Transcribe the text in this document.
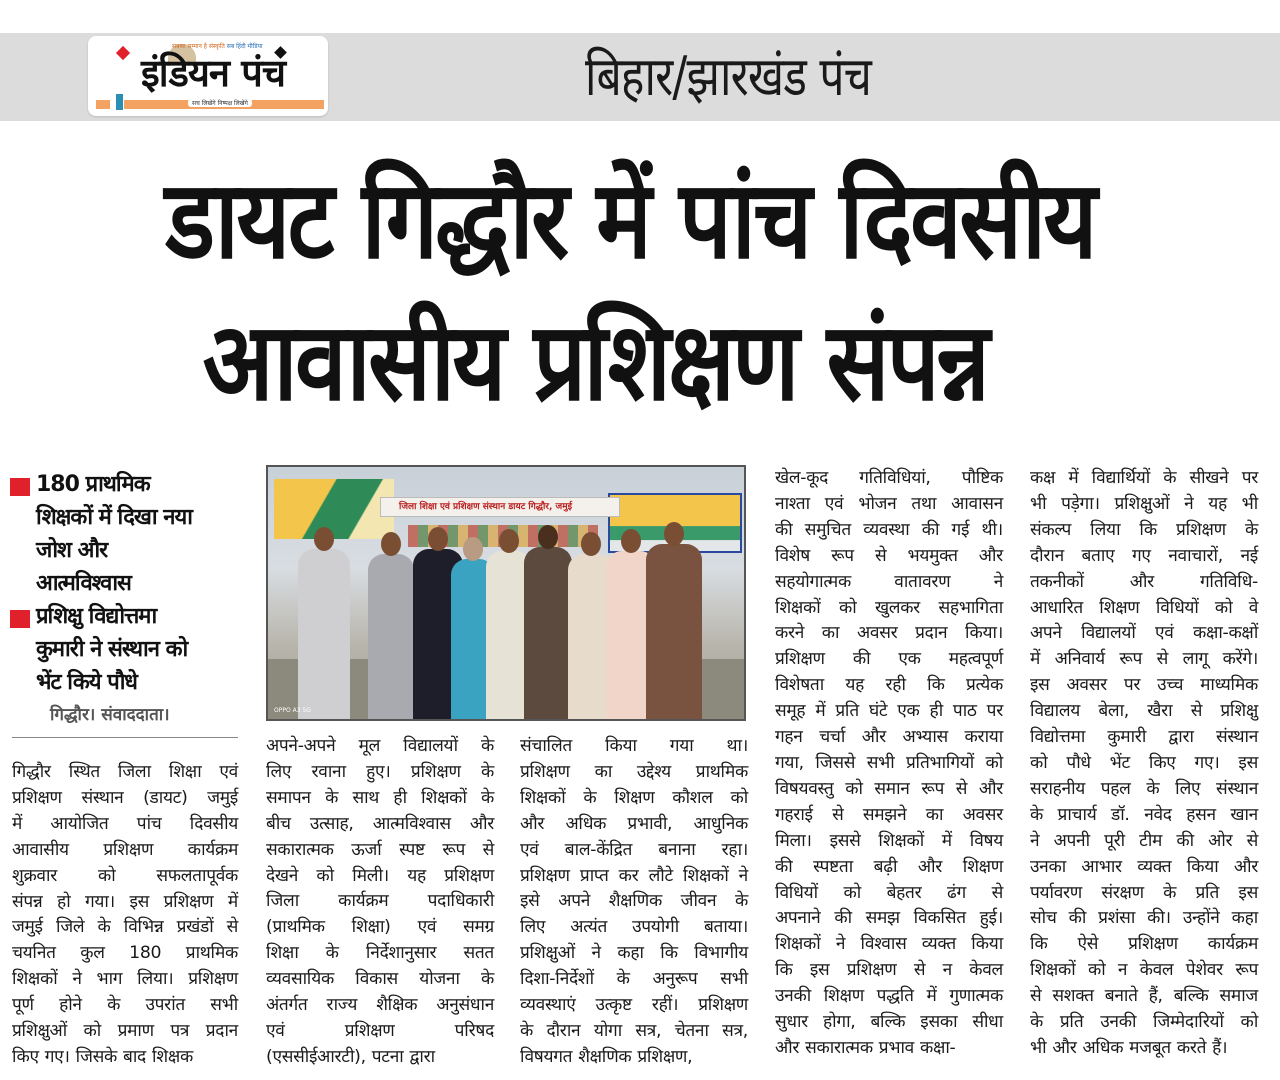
सबका सम्मान है संस्कृति सब हिंदी मीडिया
इंडियन पंच
सच लिखेंगे निष्पक्ष लिखेंगे	बिहार/झारखंड पंच
डायट गिद्धौर में पांच दिवसीय
आवासीय प्रशिक्षण संपन्न
180 प्राथमिक
शिक्षकों में दिखा नया
जोश और
आत्मविश्वास
प्रशिक्षु विद्योत्तमा
कुमारी ने संस्थान को
भेंट किये पौधे
गिद्धौर। संवाददाता।
जिला शिक्षा एवं प्रशिक्षण संस्थान डायट गिद्धौर, जमुई
OPPO A3 5G
गिद्धौर स्थित जिला शिक्षा एवं
प्रशिक्षण संस्थान (डायट) जमुई
में आयोजित पांच दिवसीय
आवासीय प्रशिक्षण कार्यक्रम
शुक्रवार को सफलतापूर्वक
संपन्न हो गया। इस प्रशिक्षण में
जमुई जिले के विभिन्न प्रखंडों से
चयनित कुल 180 प्राथमिक
शिक्षकों ने भाग लिया। प्रशिक्षण
पूर्ण होने के उपरांत सभी
प्रशिक्षुओं को प्रमाण पत्र प्रदान
किए गए। जिसके बाद शिक्षक
अपने-अपने मूल विद्यालयों के
लिए रवाना हुए। प्रशिक्षण के
समापन के साथ ही शिक्षकों के
बीच उत्साह, आत्मविश्वास और
सकारात्मक ऊर्जा स्पष्ट रूप से
देखने को मिली। यह प्रशिक्षण
जिला कार्यक्रम पदाधिकारी
(प्राथमिक शिक्षा) एवं समग्र
शिक्षा के निर्देशानुसार सतत
व्यवसायिक विकास योजना के
अंतर्गत राज्य शैक्षिक अनुसंधान
एवं	प्रशिक्षण	परिषद
(एससीईआरटी), पटना द्वारा
संचालित किया गया था।
प्रशिक्षण का उद्देश्य प्राथमिक
शिक्षकों के शिक्षण कौशल को
और अधिक प्रभावी, आधुनिक
एवं बाल-केंद्रित बनाना रहा।
प्रशिक्षण प्राप्त कर लौटे शिक्षकों ने
इसे अपने शैक्षणिक जीवन के
लिए अत्यंत उपयोगी बताया।
प्रशिक्षुओं ने कहा कि विभागीय
दिशा-निर्देशों के अनुरूप सभी
व्यवस्थाएं उत्कृष्ट रहीं। प्रशिक्षण
के दौरान योगा सत्र, चेतना सत्र,
विषयगत शैक्षणिक प्रशिक्षण,
खेल-कूद गतिविधियां, पौष्टिक
नाश्ता एवं भोजन तथा आवासन
की समुचित व्यवस्था की गई थी।
विशेष रूप से भयमुक्त और
सहयोगात्मक	वातावरण	ने
शिक्षकों को खुलकर सहभागिता
करने का अवसर प्रदान किया।
प्रशिक्षण की एक महत्वपूर्ण
विशेषता यह रही कि प्रत्येक
समूह में प्रति घंटे एक ही पाठ पर
गहन चर्चा और अभ्यास कराया
गया, जिससे सभी प्रतिभागियों को
विषयवस्तु को समान रूप से और
गहराई से समझने का अवसर
मिला। इससे शिक्षकों में विषय
की स्पष्टता बढ़ी और शिक्षण
विधियों को बेहतर ढंग से
अपनाने की समझ विकसित हुई।
शिक्षकों ने विश्वास व्यक्त किया
कि इस प्रशिक्षण से न केवल
उनकी शिक्षण पद्धति में गुणात्मक
सुधार होगा, बल्कि इसका सीधा
और सकारात्मक प्रभाव कक्षा-
कक्ष में विद्यार्थियों के सीखने पर
भी पड़ेगा। प्रशिक्षुओं ने यह भी
संकल्प लिया कि प्रशिक्षण के
दौरान बताए गए नवाचारों, नई
तकनीकों	और	गतिविधि-
आधारित शिक्षण विधियों को वे
अपने विद्यालयों एवं कक्षा-कक्षों
में अनिवार्य रूप से लागू करेंगे।
इस अवसर पर उच्च माध्यमिक
विद्यालय बेला, खैरा से प्रशिक्षु
विद्योत्तमा कुमारी द्वारा संस्थान
को पौधे भेंट किए गए। इस
सराहनीय पहल के लिए संस्थान
के प्राचार्य डॉ. नवेद हसन खान
ने अपनी पूरी टीम की ओर से
उनका आभार व्यक्त किया और
पर्यावरण संरक्षण के प्रति इस
सोच की प्रशंसा की। उन्होंने कहा
कि ऐसे प्रशिक्षण कार्यक्रम
शिक्षकों को न केवल पेशेवर रूप
से सशक्त बनाते हैं, बल्कि समाज
के प्रति उनकी जिम्मेदारियों को
भी और अधिक मजबूत करते हैं।
